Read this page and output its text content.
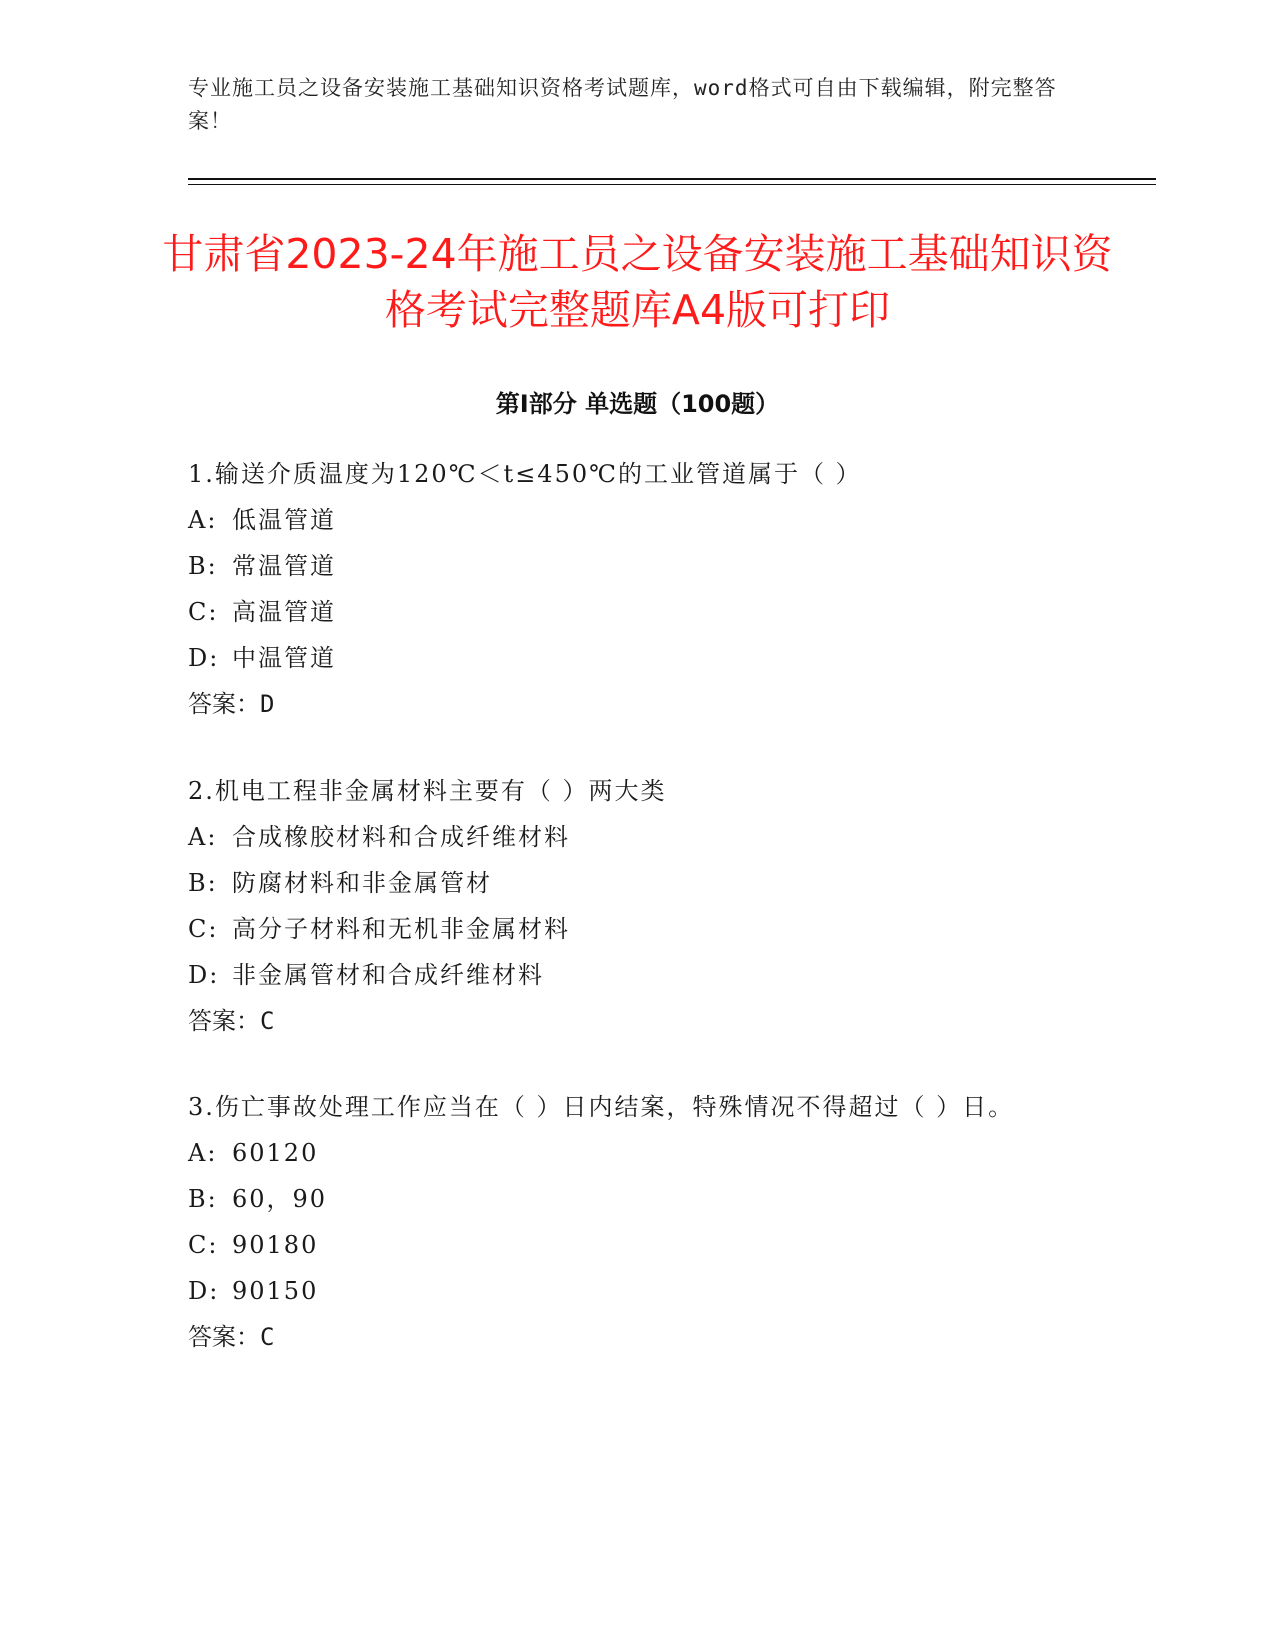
专业施工员之设备安装施工基础知识资格考试题库，word格式可自由下载编辑，附完整答案！
甘肃省2023-24年施工员之设备安装施工基础知识资格考试完整题库A4版可打印
第I部分 单选题（100题）
1.输送介质温度为120℃＜t≤450℃的工业管道属于（ ）
A: 低温管道
B: 常温管道
C: 高温管道
D: 中温管道
答案：D
2.机电工程非金属材料主要有（ ）两大类
A: 合成橡胶材料和合成纤维材料
B: 防腐材料和非金属管材
C: 高分子材料和无机非金属材料
D: 非金属管材和合成纤维材料
答案：C
3.伤亡事故处理工作应当在（ ）日内结案，特殊情况不得超过（ ）日。
A: 60120
B: 60，90
C: 90180
D: 90150
答案：C
